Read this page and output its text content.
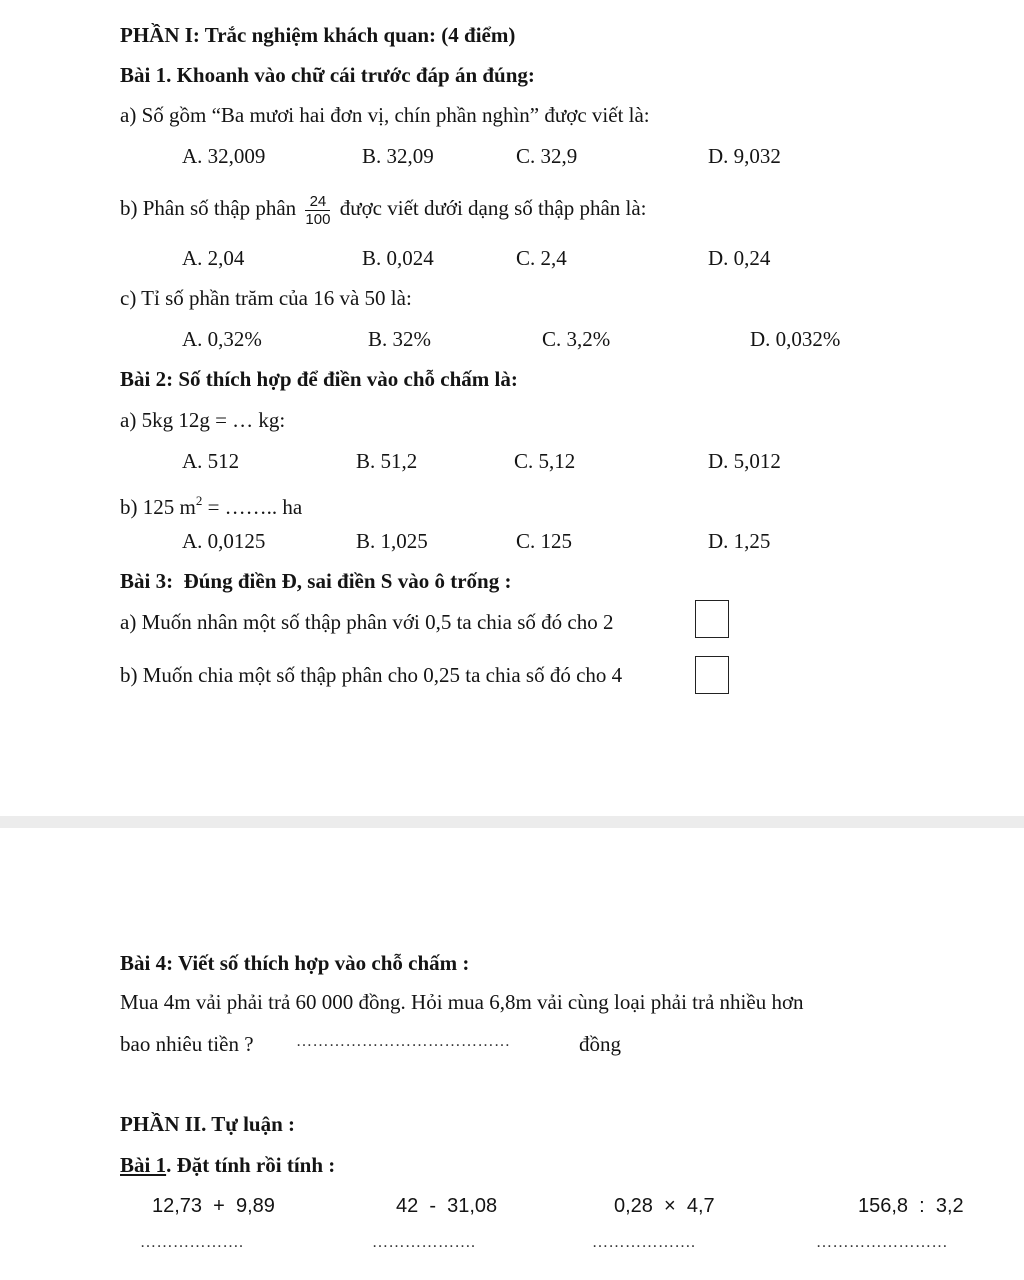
PHẦN I: Trắc nghiệm khách quan: (4 điểm)
Bài 1. Khoanh vào chữ cái trước đáp án đúng:
a) Số gồm “Ba mươi hai đơn vị, chín phần nghìn” được viết là:
A. 32,009	B. 32,09	C. 32,9	D. 9,032
b) Phân số thập phân $\frac{24}{100}$ được viết dưới dạng số thập phân là:
A. 2,04	B. 0,024	C. 2,4	D. 0,24
c) Tỉ số phần trăm của 16 và 50 là:
A. 0,32%	B. 32%	C. 3,2%	D. 0,032%
Bài 2: Số thích hợp để điền vào chỗ chấm là:
a) 5kg 12g = … kg:
A. 512	B. 51,2	C. 5,12	D. 5,012
b) 125 $m^2$ = …….. ha
A. 0,0125	B. 1,025	C. 125	D. 1,25
Bài 3:  Đúng điền Đ, sai điền S vào ô trống :
a) Muốn nhân một số thập phân với 0,5 ta chia số đó cho 2
b) Muốn chia một số thập phân cho 0,25 ta chia số đó cho 4
Bài 4: Viết số thích hợp vào chỗ chấm :
Mua 4m vải phải trả 60 000 đồng. Hỏi mua 6,8m vải cùng loại phải trả nhiều hơn
bao nhiêu tiền ?	…………………………………	đồng
PHẦN II. Tự luận :
Bài 1. Đặt tính rồi tính :
12,73  +  9,89	42  -  31,08	0,28  ×  4,7	156,8  :  3,2
……………….	……………….	……………….	……………………
